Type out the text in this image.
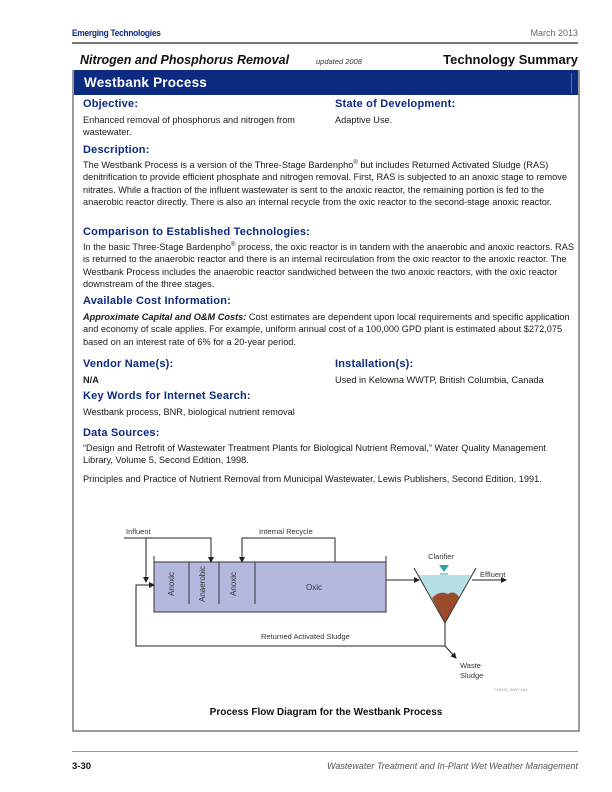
Emerging Technologies	March 2013
Nitrogen and Phosphorus Removal	updated 2008	Technology Summary
Westbank Process
Objective:
Enhanced removal of phosphorus and nitrogen from wastewater.
State of Development:
Adaptive Use.
Description:
The Westbank Process is a version of the Three-Stage Bardenpho® but includes Returned Activated Sludge (RAS) denitrification to provide efficient phosphate and nitrogen removal. First, RAS is subjected to an anoxic stage to remove nitrates. While a fraction of the influent wastewater is sent to the anoxic reactor, the remaining portion is fed to the anaerobic reactor directly. There is also an internal recycle from the oxic reactor to the second-stage anoxic reactor.
Comparison to Established Technologies:
In the basic Three-Stage Bardenpho® process, the oxic reactor is in tandem with the anaerobic and anoxic reactors. RAS is returned to the anaerobic reactor and there is an internal recirculation from the oxic reactor to the anoxic reactor. The Westbank Process includes the anaerobic reactor sandwiched between the two anoxic reactors, with the oxic reactor downstream of the three stages.
Available Cost Information:
Approximate Capital and O&M Costs: Cost estimates are dependent upon local requirements and specific application and economy of scale applies. For example, uniform annual cost of a 100,000 GPD plant is estimated about $272,075 based on an interest rate of 6% for a 20-year period.
Vendor Name(s):
N/A
Installation(s):
Used in Kelowna WWTP, British Columbia, Canada
Key Words for Internet Search:
Westbank process, BNR, biological nutrient removal
Data Sources:
“Design and Retrofit of Wastewater Treatment Plants for Biological Nutrient Removal,” Water Quality Management Library, Volume 5, Second Edition, 1998.
Principles and Practice of Nutrient Removal from Municipal Wastewater, Lewis Publishers, Second Edition, 1991.
Anoxic	Anaerobic	Anoxic	Oxic
Influent	Internal Recycle
Returned Activated Sludge
Clarifier
Effluent
Waste
Sludge
745043_WWT-16a
Process Flow Diagram for the Westbank Process
3-30	Wastewater Treatment and In-Plant Wet Weather Management
